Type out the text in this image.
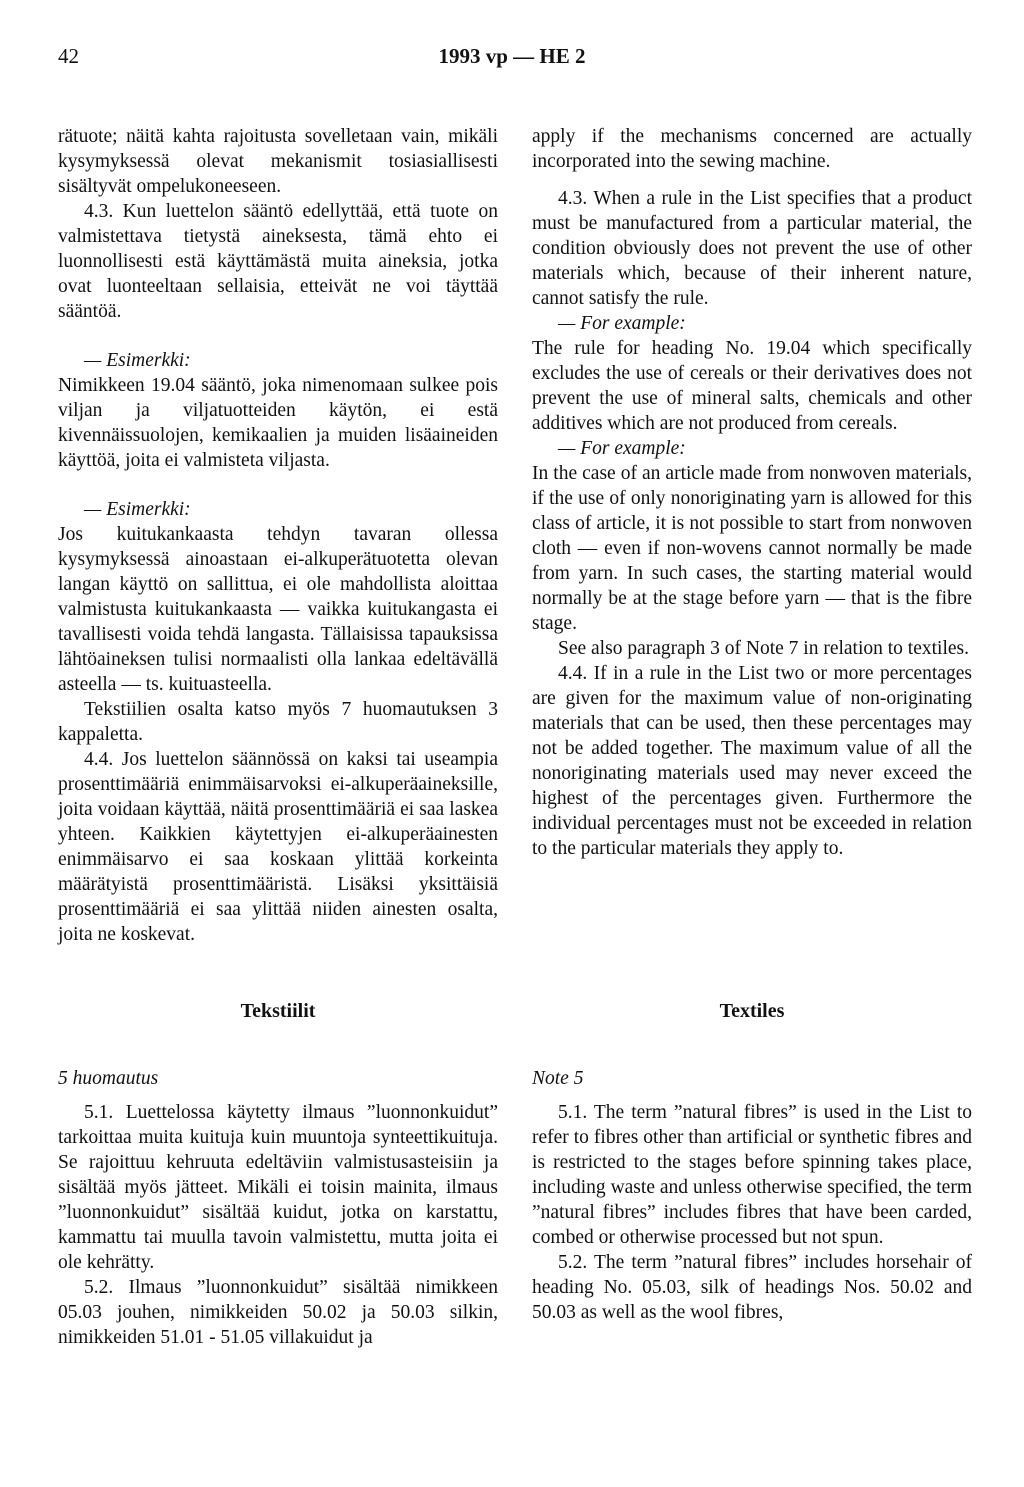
42	1993 vp — HE 2

rätuote; näitä kahta rajoitusta sovelletaan vain, mikäli kysymyksessä olevat mekanismit tosiasiallisesti sisältyvät ompelukoneeseen.

4.3. Kun luettelon sääntö edellyttää, että tuote on valmistettava tietystä aineksesta, tämä ehto ei luonnollisesti estä käyttämästä muita aineksia, jotka ovat luonteeltaan sellaisia, etteivät ne voi täyttää sääntöä.

— Esimerkki:

Nimikkeen 19.04 sääntö, joka nimenomaan sulkee pois viljan ja viljatuotteiden käytön, ei estä kivennäissuolojen, kemikaalien ja muiden lisäaineiden käyttöä, joita ei valmisteta viljasta.

— Esimerkki:

Jos kuitukankaasta tehdyn tavaran ollessa kysymyksessä ainoastaan ei-alkuperätuotetta olevan langan käyttö on sallittua, ei ole mahdollista aloittaa valmistusta kuitukankaasta — vaikka kuitukangasta ei tavallisesti voida tehdä langasta. Tällaisissa tapauksissa lähtöaineksen tulisi normaalisti olla lankaa edeltävällä asteella — ts. kuituasteella.

Tekstiilien osalta katso myös 7 huomautuksen 3 kappaletta.

4.4. Jos luettelon säännössä on kaksi tai useampia prosenttimääriä enimmäisarvoksi ei-alkuperäaineksille, joita voidaan käyttää, näitä prosenttimääriä ei saa laskea yhteen. Kaikkien käytettyjen ei-alkuperäainesten enimmäisarvo ei saa koskaan ylittää korkeinta määrätyistä prosenttimääristä. Lisäksi yksittäisiä prosenttimääriä ei saa ylittää niiden ainesten osalta, joita ne koskevat.

Tekstiilit
5 huomautus

5.1. Luettelossa käytetty ilmaus ”luonnonkuidut” tarkoittaa muita kuituja kuin muuntoja synteettikuituja. Se rajoittuu kehruuta edeltäviin valmistusasteisiin ja sisältää myös jätteet. Mikäli ei toisin mainita, ilmaus ”luonnonkuidut” sisältää kuidut, jotka on karstattu, kammattu tai muulla tavoin valmistettu, mutta joita ei ole kehrätty.

5.2. Ilmaus ”luonnonkuidut” sisältää nimikkeen 05.03 jouhen, nimikkeiden 50.02 ja 50.03 silkin, nimikkeiden 51.01 - 51.05 villakuidut ja

apply if the mechanisms concerned are actually incorporated into the sewing machine.

4.3. When a rule in the List specifies that a product must be manufactured from a particular material, the condition obviously does not prevent the use of other materials which, because of their inherent nature, cannot satisfy the rule.

— For example:

The rule for heading No. 19.04 which specifically excludes the use of cereals or their derivatives does not prevent the use of mineral salts, chemicals and other additives which are not produced from cereals.

— For example:

In the case of an article made from nonwoven materials, if the use of only nonoriginating yarn is allowed for this class of article, it is not possible to start from nonwoven cloth — even if non-wovens cannot normally be made from yarn. In such cases, the starting material would normally be at the stage before yarn — that is the fibre stage.

See also paragraph 3 of Note 7 in relation to textiles.

4.4. If in a rule in the List two or more percentages are given for the maximum value of non-originating materials that can be used, then these percentages may not be added together. The maximum value of all the nonoriginating materials used may never exceed the highest of the percentages given. Furthermore the individual percentages must not be exceeded in relation to the particular materials they apply to.

Textiles
Note 5

5.1. The term ”natural fibres” is used in the List to refer to fibres other than artificial or synthetic fibres and is restricted to the stages before spinning takes place, including waste and unless otherwise specified, the term ”natural fibres” includes fibres that have been carded, combed or otherwise processed but not spun.

5.2. The term ”natural fibres” includes horsehair of heading No. 05.03, silk of headings Nos. 50.02 and 50.03 as well as the wool fibres,
